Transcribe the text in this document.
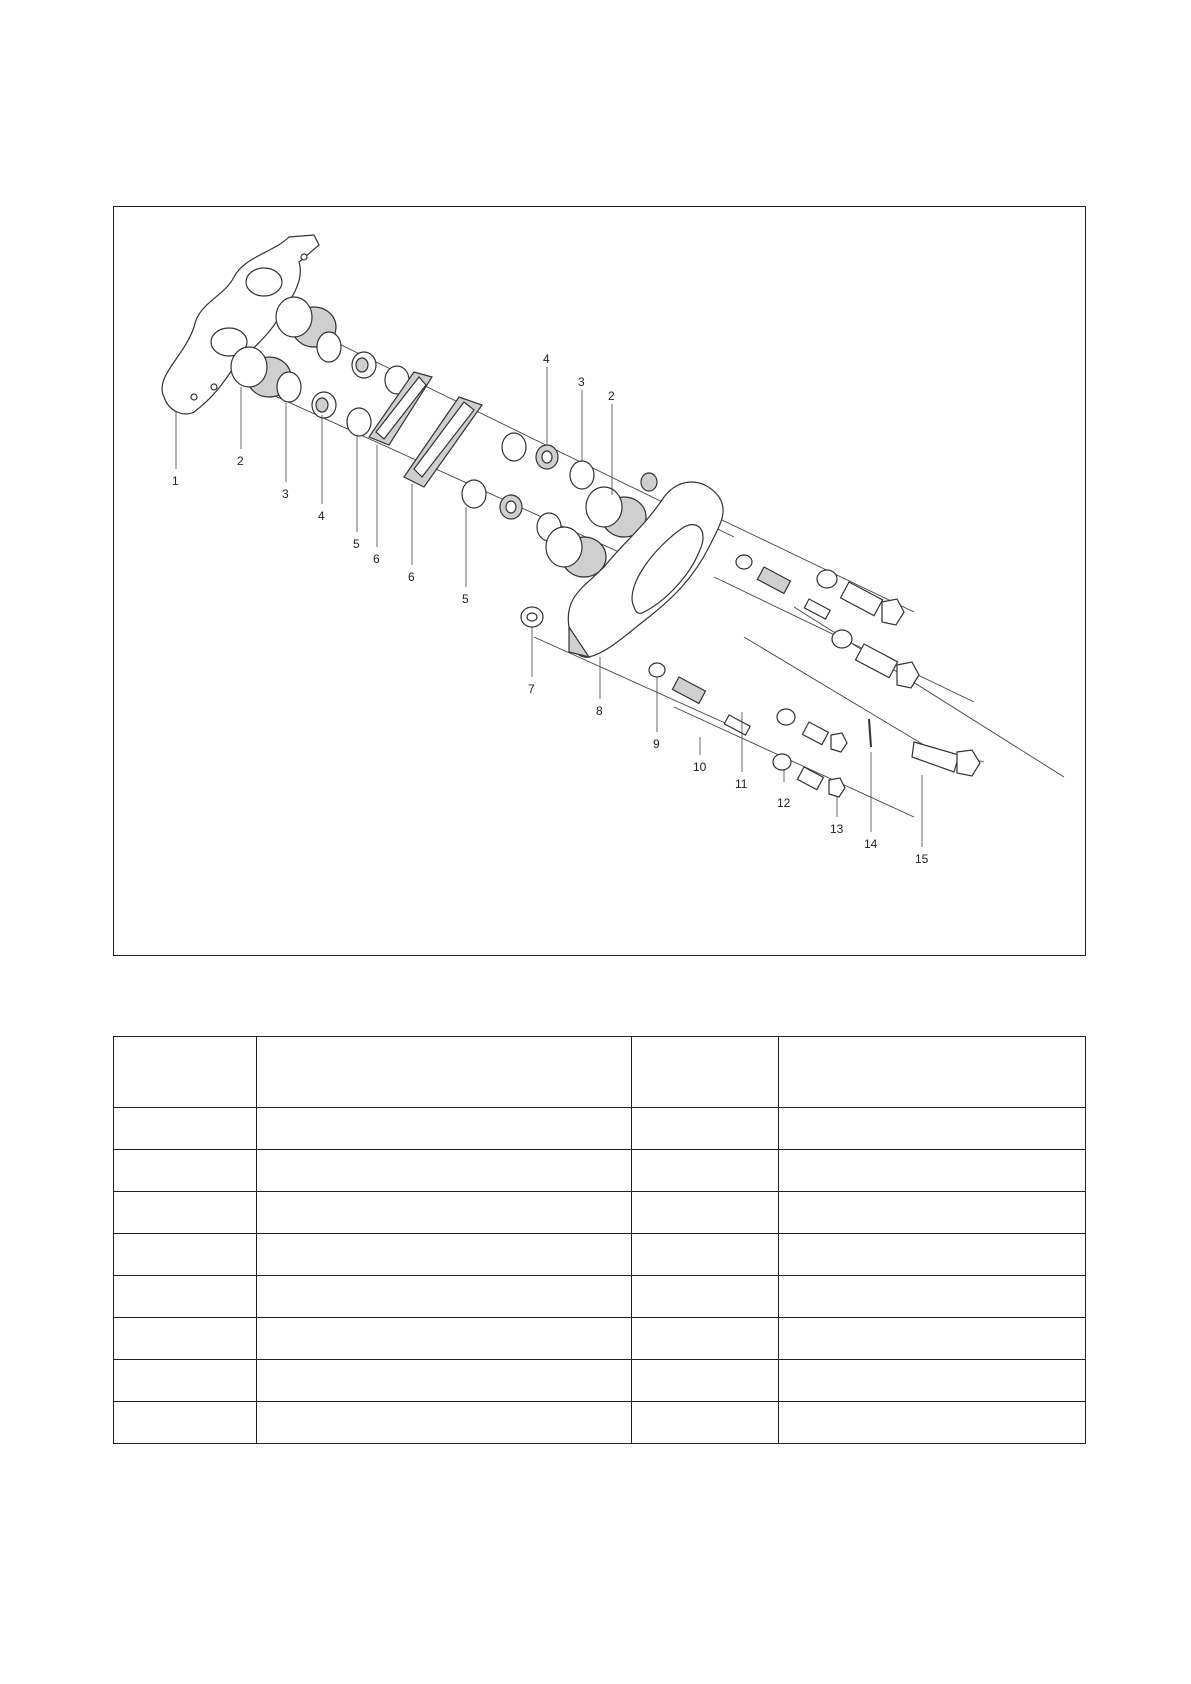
1
2
3
4
5
6
6
5
4
3
2
7
8
9
10
11
12
13
14
15
